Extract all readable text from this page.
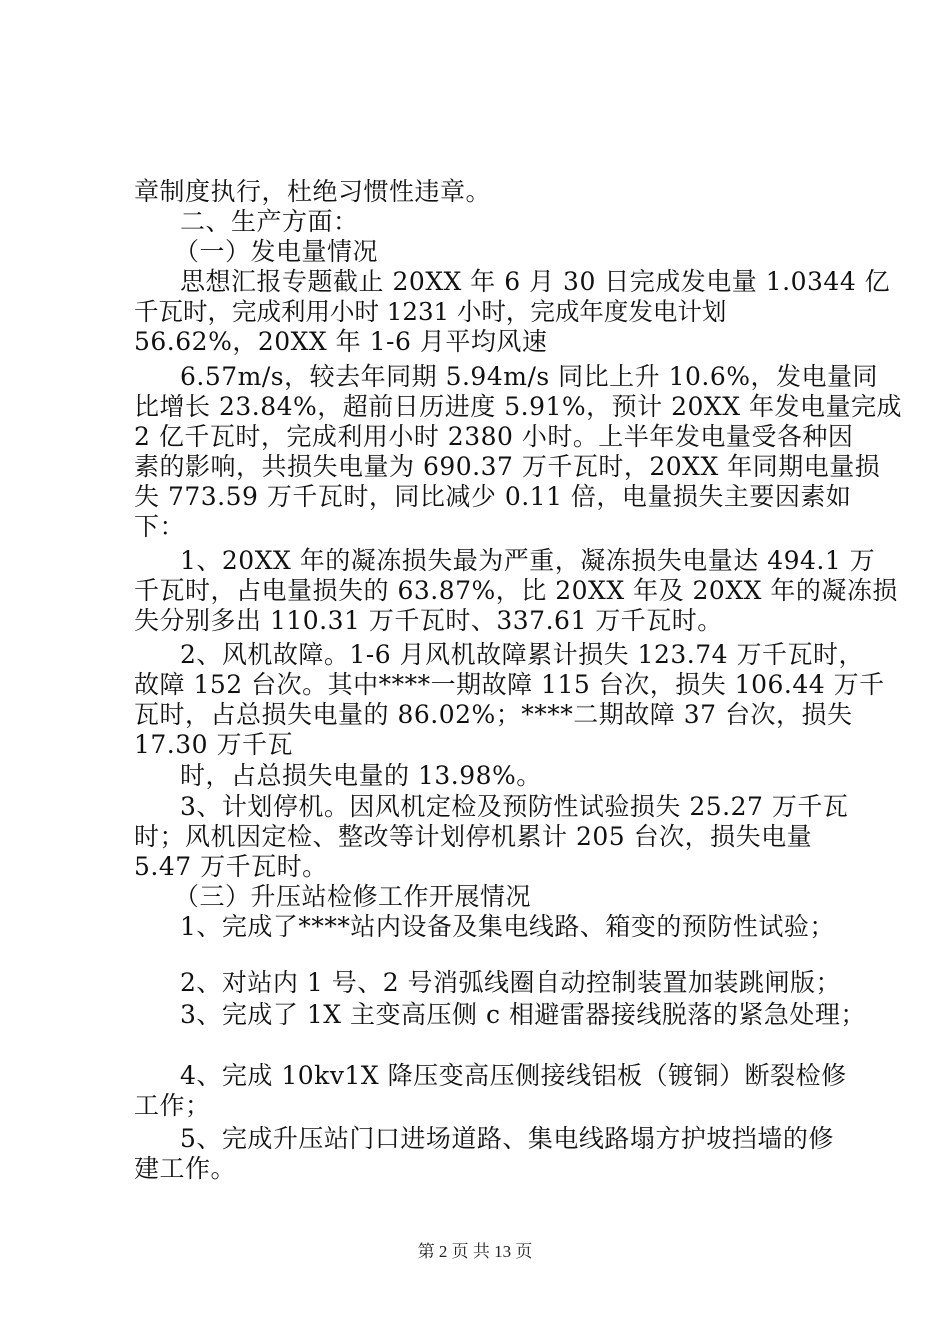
章制度执行，杜绝习惯性违章。
二、生产方面：
（一）发电量情况
思想汇报专题截止 20XX 年 6 月 30 日完成发电量 1.0344 亿
千瓦时，完成利用小时 1231 小时，完成年度发电计划
56.62%，20XX 年 1-6 月平均风速
6.57m/s，较去年同期 5.94m/s 同比上升 10.6%，发电量同
比增长 23.84%，超前日历进度 5.91%，预计 20XX 年发电量完成
2 亿千瓦时，完成利用小时 2380 小时。上半年发电量受各种因
素的影响，共损失电量为 690.37 万千瓦时，20XX 年同期电量损
失 773.59 万千瓦时，同比减少 0.11 倍，电量损失主要因素如
下：
1、20XX 年的凝冻损失最为严重，凝冻损失电量达 494.1 万
千瓦时，占电量损失的 63.87%，比 20XX 年及 20XX 年的凝冻损
失分别多出 110.31 万千瓦时、337.61 万千瓦时。
2、风机故障。1-6 月风机故障累计损失 123.74 万千瓦时，
故障 152 台次。其中****一期故障 115 台次，损失 106.44 万千
瓦时，占总损失电量的 86.02%；****二期故障 37 台次，损失
17.30 万千瓦
时，占总损失电量的 13.98%。
3、计划停机。因风机定检及预防性试验损失 25.27 万千瓦
时；风机因定检、整改等计划停机累计 205 台次，损失电量
5.47 万千瓦时。
（三）升压站检修工作开展情况
1、完成了****站内设备及集电线路、箱变的预防性试验；
2、对站内 1 号、2 号消弧线圈自动控制装置加装跳闸版；
3、完成了 1X 主变高压侧 c 相避雷器接线脱落的紧急处理；
4、完成 10kv1X 降压变高压侧接线铝板（镀铜）断裂检修
工作；
5、完成升压站门口进场道路、集电线路塌方护坡挡墙的修
建工作。
第 2 页 共 13 页
